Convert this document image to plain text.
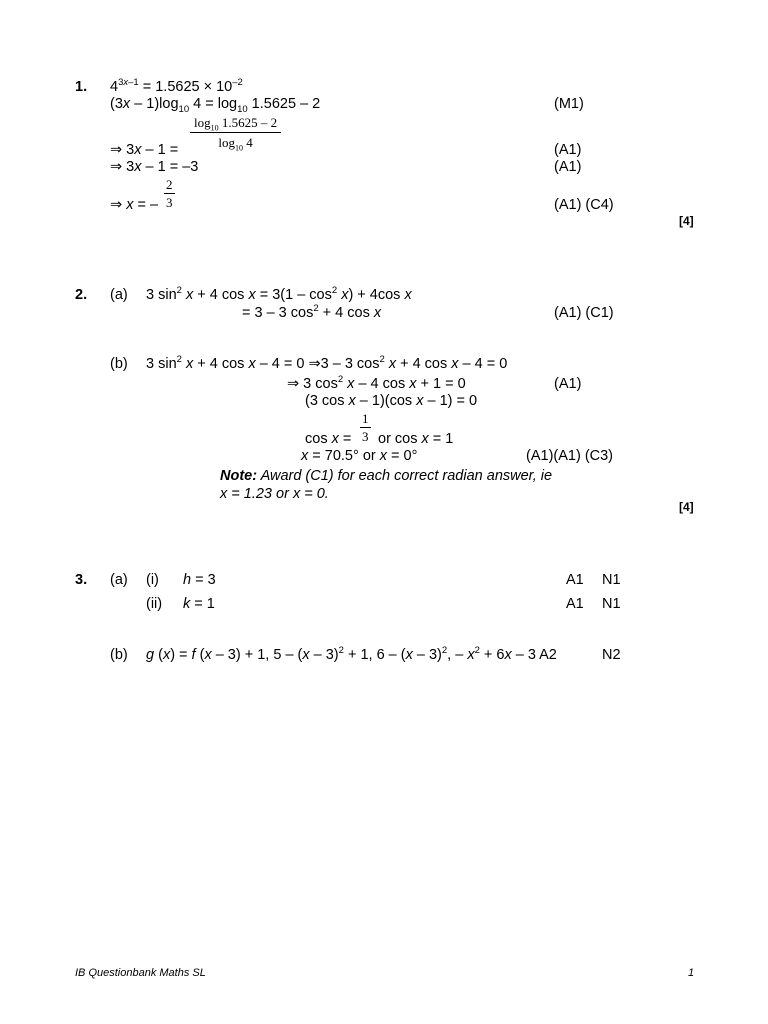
1. $4^{3x-1} = 1.5625 \times 10^{-2}$
$(3x - 1)\log_{10}$ $4 = \log_{10} 1.5625 - 2$	(M1)
$\frac{\log_{10} 1.5625 - 2}{\log_{10} 4}$
⇒ 3x – 1 =	(A1)
⇒ 3x – 1 = –3	(A1)
$\frac{2}{3}$
⇒ x = –	(A1) (C4)
[4]
2. (a) 3 $\sin^2 x + 4$ $\cos x = 3(1 - \cos^2 x) + 4\cos$ x
= 3 – 3 $\cos^2 + 4$ cos x	(A1) (C1)
(b) 3 $\sin^2 x + 4$ cos x – 4 = 0 ⇒3 – 3 $\cos^2 x + 4$ cos x – 4 = 0
⇒ 3 $\cos^2 x - 4$ cos x + 1 = 0	(A1)
(3 cos x – 1)(cos x – 1) = 0
$\frac{1}{3}$
cos x = or cos x = 1
x = 70.5° or x = 0°	(A1)(A1) (C3)
Note: Award (C1) for each correct radian answer, ie
x = 1.23 or x = 0.
[4]
3. (a) (i) h = 3	A1 N1
(ii) k = 1	A1 N1
(b) g (x) = f (x – 3) + 1, 5 – (x – 3)$^2$ + 1, 6 – (x – 3)$^2$, – $x^2 + 6x - 3$ A2	N2
IB Questionbank Maths SL	1
